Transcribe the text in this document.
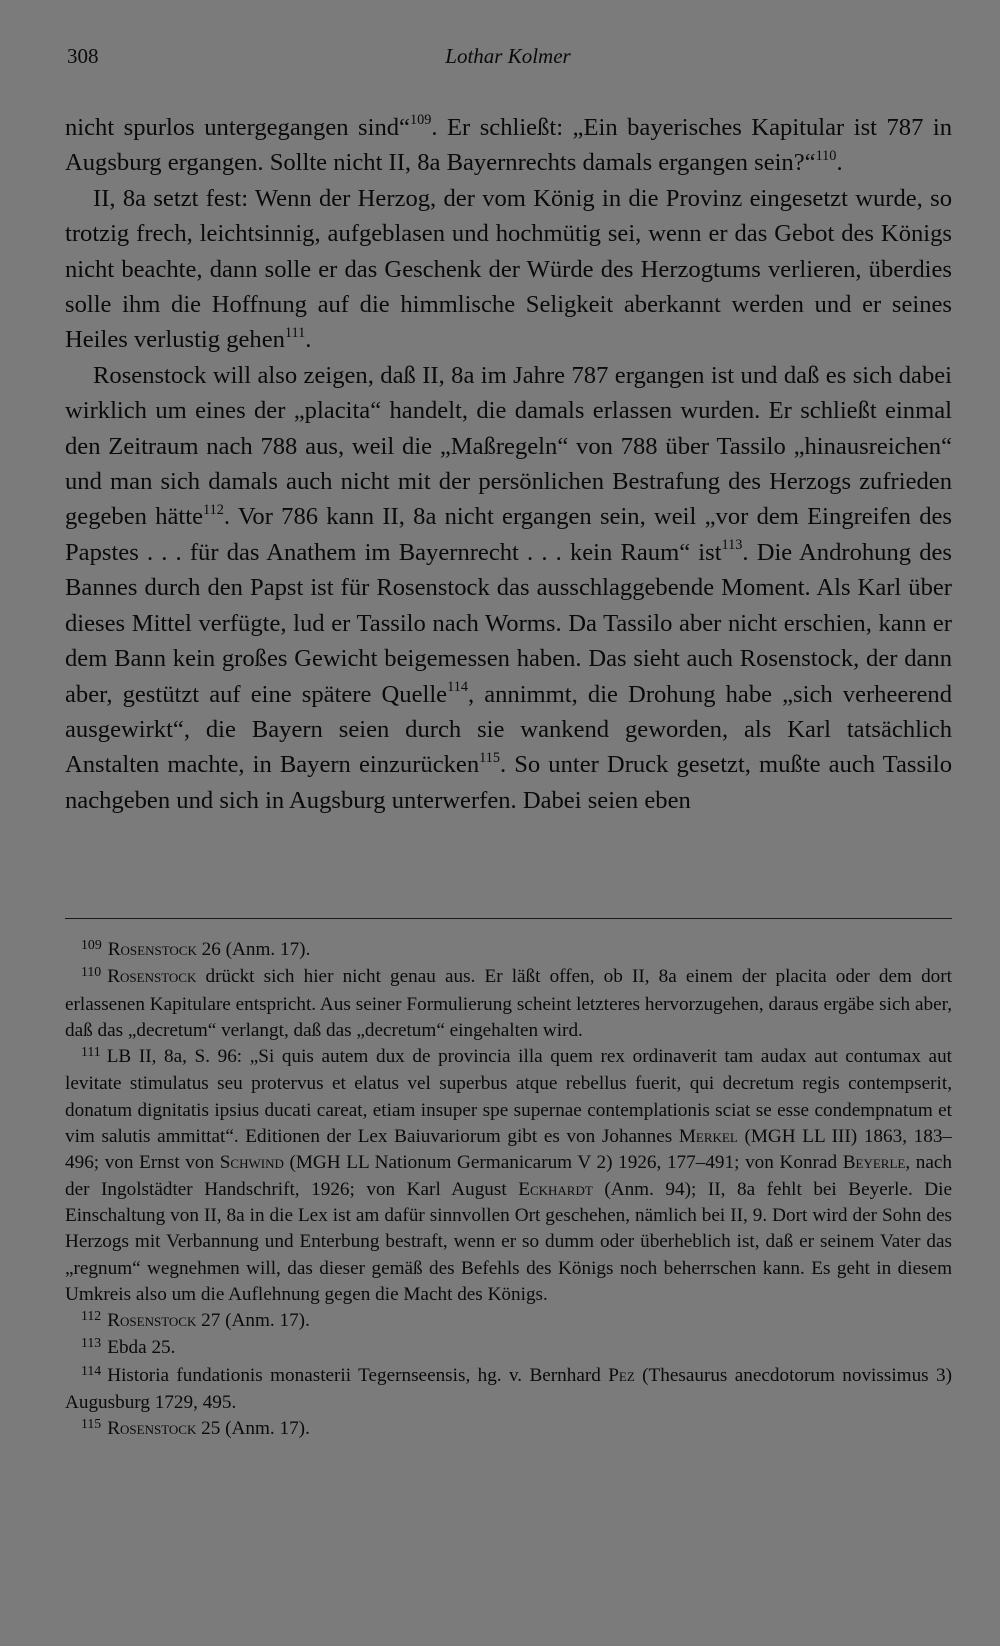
308	Lothar Kolmer

nicht spurlos untergegangen sind“$^{109}$. Er schließt: „Ein bayerisches Kapitular ist 787 in Augsburg ergangen. Sollte nicht II, 8a Bayernrechts damals ergangen sein?“$^{110}$.

II, 8a setzt fest: Wenn der Herzog, der vom König in die Provinz eingesetzt wurde, so trotzig frech, leichtsinnig, aufgeblasen und hochmütig sei, wenn er das Gebot des Königs nicht beachte, dann solle er das Geschenk der Würde des Herzogtums verlieren, überdies solle ihm die Hoffnung auf die himmlische Seligkeit aberkannt werden und er seines Heiles verlustig gehen$^{111}$.

Rosenstock will also zeigen, daß II, 8a im Jahre 787 ergangen ist und daß es sich dabei wirklich um eines der „placita“ handelt, die damals erlassen wurden. Er schließt einmal den Zeitraum nach 788 aus, weil die „Maßregeln“ von 788 über Tassilo „hinausreichen“ und man sich damals auch nicht mit der persönlichen Bestrafung des Herzogs zufrieden gegeben hätte$^{112}$. Vor 786 kann II, 8a nicht ergangen sein, weil „vor dem Eingreifen des Papstes . . . für das Anathem im Bayernrecht . . . kein Raum“ ist$^{113}$. Die Androhung des Bannes durch den Papst ist für Rosenstock das ausschlaggebende Moment. Als Karl über dieses Mittel verfügte, lud er Tassilo nach Worms. Da Tassilo aber nicht erschien, kann er dem Bann kein großes Gewicht beigemessen haben. Das sieht auch Rosenstock, der dann aber, gestützt auf eine spätere Quelle$^{114}$, annimmt, die Drohung habe „sich verheerend ausgewirkt“, die Bayern seien durch sie wankend geworden, als Karl tatsächlich Anstalten machte, in Bayern einzurücken$^{115}$. So unter Druck gesetzt, mußte auch Tassilo nachgeben und sich in Augsburg unterwerfen. Dabei seien eben

$^{109}$ Rosenstock 26 (Anm. 17).

$^{110}$ Rosenstock drückt sich hier nicht genau aus. Er läßt offen, ob II, 8a einem der placita oder dem dort erlassenen Kapitulare entspricht. Aus seiner Formulierung scheint letzteres hervorzugehen, daraus ergäbe sich aber, daß das „decretum“ verlangt, daß das „decretum“ eingehalten wird.

$^{111}$ LB II, 8a, S. 96: „Si quis autem dux de provincia illa quem rex ordinaverit tam audax aut contumax aut levitate stimulatus seu protervus et elatus vel superbus atque rebellus fuerit, qui decretum regis contempserit, donatum dignitatis ipsius ducati careat, etiam insuper spe supernae contemplationis sciat se esse condempnatum et vim salutis ammittat“. Editionen der Lex Baiuvariorum gibt es von Johannes Merkel (MGH LL III) 1863, 183–496; von Ernst von Schwind (MGH LL Nationum Germanicarum V 2) 1926, 177–491; von Konrad Beyerle, nach der Ingolstädter Handschrift, 1926; von Karl August Eckhardt (Anm. 94); II, 8a fehlt bei Beyerle. Die Einschaltung von II, 8a in die Lex ist am dafür sinnvollen Ort geschehen, nämlich bei II, 9. Dort wird der Sohn des Herzogs mit Verbannung und Enterbung bestraft, wenn er so dumm oder überheblich ist, daß er seinem Vater das „regnum“ wegnehmen will, das dieser gemäß des Befehls des Königs noch beherrschen kann. Es geht in diesem Umkreis also um die Auflehnung gegen die Macht des Königs.

$^{112}$ Rosenstock 27 (Anm. 17).

$^{113}$ Ebda 25.

$^{114}$ Historia fundationis monasterii Tegernseensis, hg. v. Bernhard Pez (Thesaurus anecdotorum novissimus 3) Augusburg 1729, 495.

$^{115}$ Rosenstock 25 (Anm. 17).
